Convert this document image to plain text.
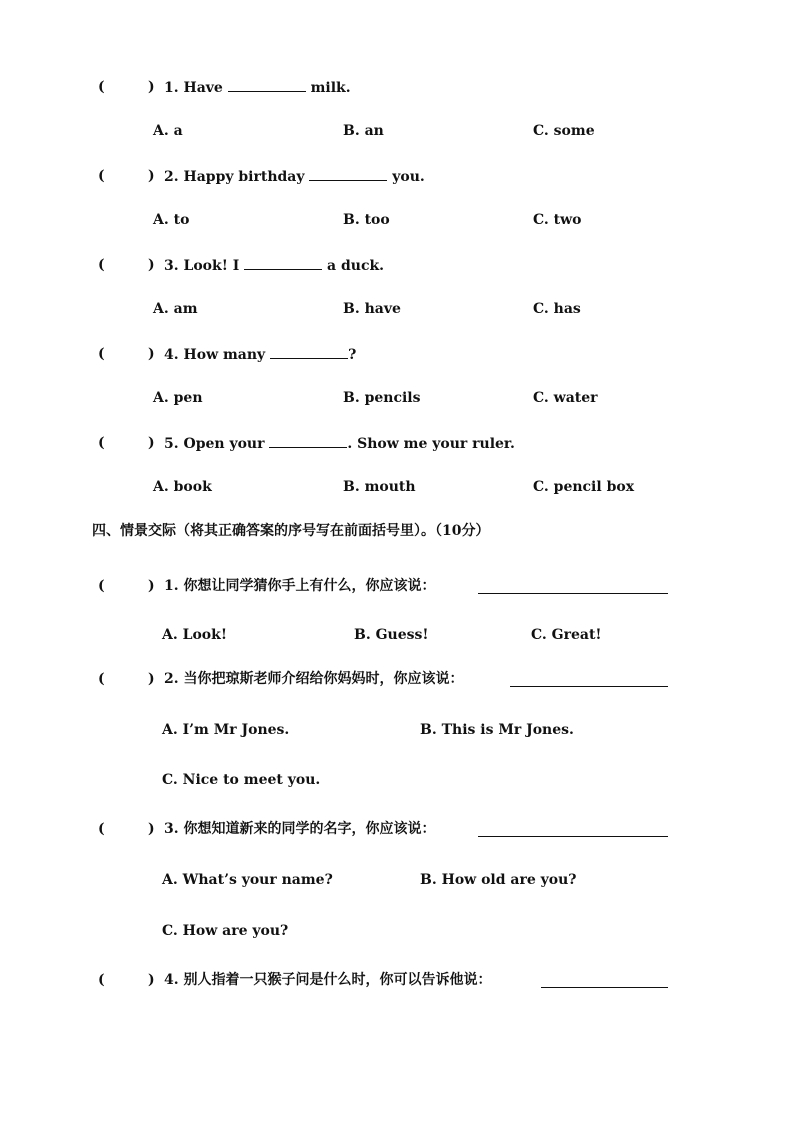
(	) 1. Have	milk.
A. a	B. an	C. some
(	) 2. Happy birthday	you.
A. to	B. too	C. two
(	) 3. Look! I	a duck.
A. am	B. have	C. has
(	) 4. How many	?
A. pen	B. pencils	C. water
(	) 5. Open your	. Show me your ruler.
A. book	B. mouth	C. pencil box
四、情景交际（将其正确答案的序号写在前面括号里）。（10分）
(	) 1. 你想让同学猜你手上有什么，你应该说：
A. Look!	B. Guess!	C. Great!
(	) 2. 当你把琼斯老师介绍给你妈妈时，你应该说：
A. I’m Mr Jones.	B. This is Mr Jones.
C. Nice to meet you.
(	) 3. 你想知道新来的同学的名字，你应该说：
A. What’s your name?	B. How old are you?
C. How are you?
(	) 4. 别人指着一只猴子问是什么时，你可以告诉他说：
